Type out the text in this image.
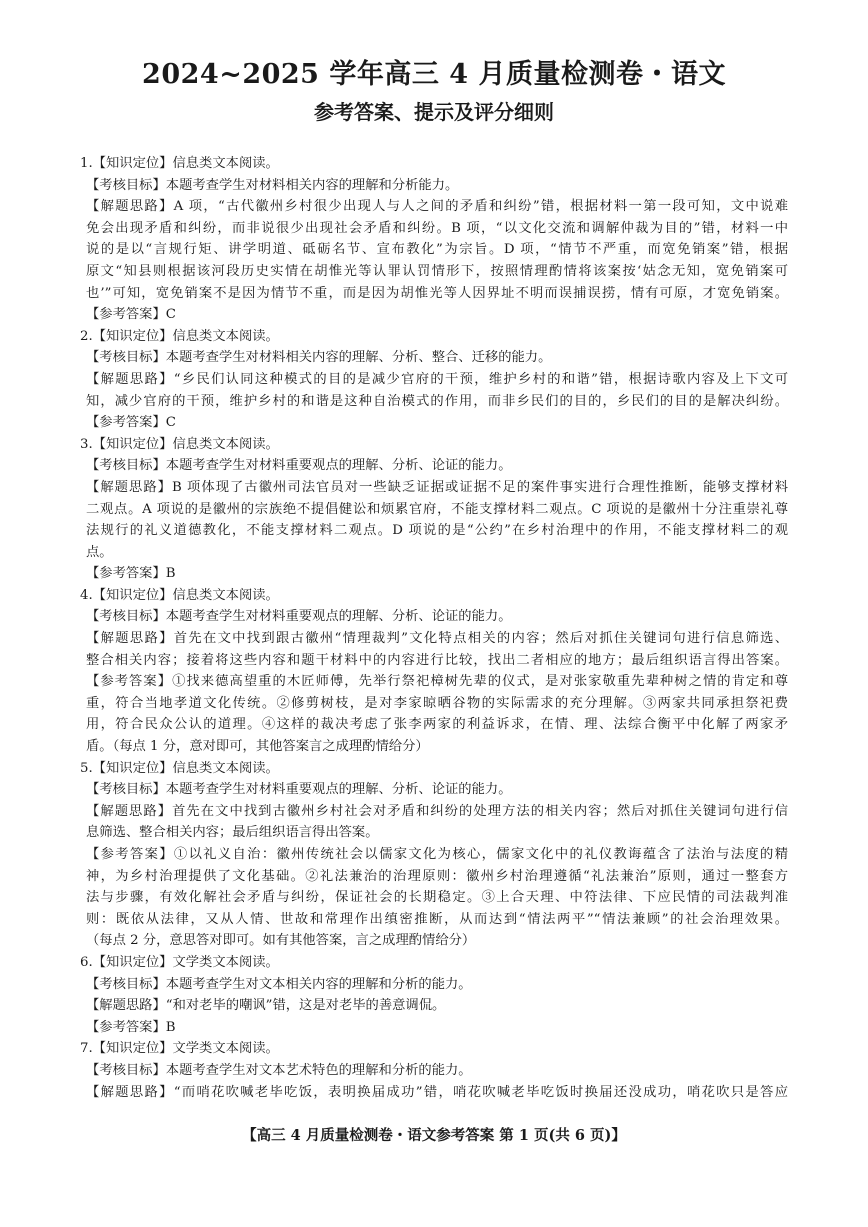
2024~2025 学年高三 4 月质量检测卷・语文
参考答案、提示及评分细则

1.【知识定位】信息类文本阅读。

【考核目标】本题考查学生对材料相关内容的理解和分析能力。

【解题思路】A 项，“古代徽州乡村很少出现人与人之间的矛盾和纠纷”错，根据材料一第一段可知，文中说难

免会出现矛盾和纠纷，而非说很少出现社会矛盾和纠纷。B 项，“以文化交流和调解仲裁为目的”错，材料一中

说的是以“言规行矩、讲学明道、砥砺名节、宣布教化”为宗旨。D 项，“情节不严重，而宽免销案”错，根据

原文“知县则根据该河段历史实情在胡惟光等认罪认罚情形下，按照情理酌情将该案按‘姑念无知，宽免销案可

也’”可知，宽免销案不是因为情节不重，而是因为胡惟光等人因界址不明而误捕误捞，情有可原，才宽免销案。

【参考答案】C

2.【知识定位】信息类文本阅读。

【考核目标】本题考查学生对材料相关内容的理解、分析、整合、迁移的能力。

【解题思路】“乡民们认同这种模式的目的是减少官府的干预，维护乡村的和谐”错，根据诗歌内容及上下文可

知，减少官府的干预，维护乡村的和谐是这种自治模式的作用，而非乡民们的目的，乡民们的目的是解决纠纷。

【参考答案】C

3.【知识定位】信息类文本阅读。

【考核目标】本题考查学生对材料重要观点的理解、分析、论证的能力。

【解题思路】B 项体现了古徽州司法官员对一些缺乏证据或证据不足的案件事实进行合理性推断，能够支撑材料

二观点。A 项说的是徽州的宗族绝不提倡健讼和烦累官府，不能支撑材料二观点。C 项说的是徽州十分注重崇礼尊

法规行的礼义道德教化，不能支撑材料二观点。D 项说的是“公约”在乡村治理中的作用，不能支撑材料二的观

点。

【参考答案】B

4.【知识定位】信息类文本阅读。

【考核目标】本题考查学生对材料重要观点的理解、分析、论证的能力。

【解题思路】首先在文中找到跟古徽州“情理裁判”文化特点相关的内容；然后对抓住关键词句进行信息筛选、

整合相关内容；接着将这些内容和题干材料中的内容进行比较，找出二者相应的地方；最后组织语言得出答案。

【参考答案】①找来德高望重的木匠师傅，先举行祭祀樟树先辈的仪式，是对张家敬重先辈种树之情的肯定和尊

重，符合当地孝道文化传统。②修剪树枝，是对李家晾晒谷物的实际需求的充分理解。③两家共同承担祭祀费

用，符合民众公认的道理。④这样的裁决考虑了张李两家的利益诉求，在情、理、法综合衡平中化解了两家矛

盾。（每点 1 分，意对即可，其他答案言之成理酌情给分）

5.【知识定位】信息类文本阅读。

【考核目标】本题考查学生对材料重要观点的理解、分析、论证的能力。

【解题思路】首先在文中找到古徽州乡村社会对矛盾和纠纷的处理方法的相关内容；然后对抓住关键词句进行信

息筛选、整合相关内容；最后组织语言得出答案。

【参考答案】①以礼义自治：徽州传统社会以儒家文化为核心，儒家文化中的礼仪教诲蕴含了法治与法度的精

神，为乡村治理提供了文化基础。②礼法兼治的治理原则：徽州乡村治理遵循“礼法兼治”原则，通过一整套方

法与步骤，有效化解社会矛盾与纠纷，保证社会的长期稳定。③上合天理、中符法律、下应民情的司法裁判准

则：既依从法律，又从人情、世故和常理作出缜密推断，从而达到“情法两平”“情法兼顾”的社会治理效果。

（每点 2 分，意思答对即可。如有其他答案，言之成理酌情给分）

6.【知识定位】文学类文本阅读。

【考核目标】本题考查学生对文本相关内容的理解和分析的能力。

【解题思路】“和对老毕的嘲讽”错，这是对老毕的善意调侃。

【参考答案】B

7.【知识定位】文学类文本阅读。

【考核目标】本题考查学生对文本艺术特色的理解和分析的能力。

【解题思路】“而哨花吹喊老毕吃饭，表明换届成功”错，哨花吹喊老毕吃饭时换届还没成功，哨花吹只是答应

【高三 4 月质量检测卷・语文参考答案 第 1 页(共 6 页)】
